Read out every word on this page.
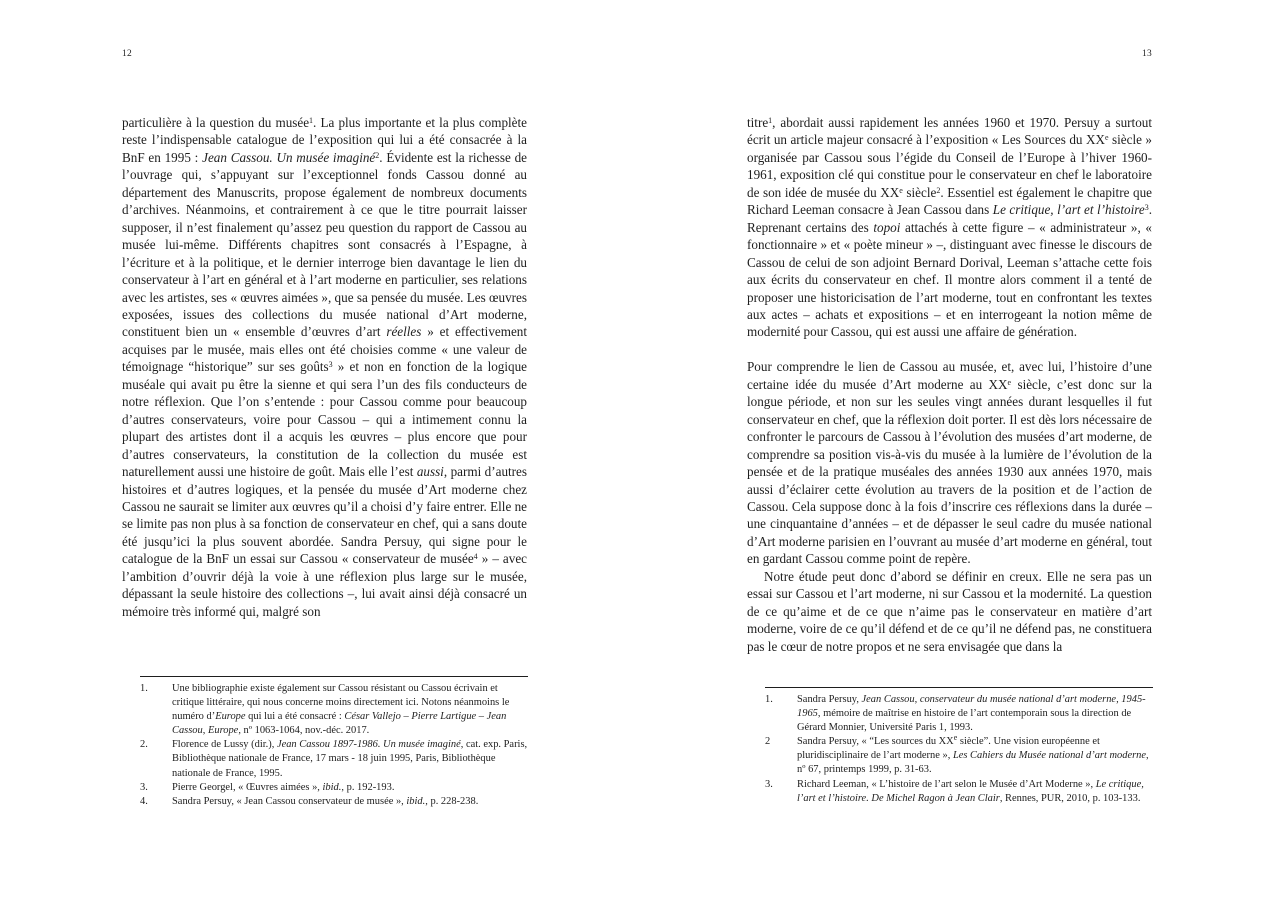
12

particulière à la question du musée$^1$. La plus importante et la plus complète reste l’indispensable catalogue de l’exposition qui lui a été consacrée à la BnF en 1995 : Jean Cassou. Un musée imaginé$^2$. Évidente est la richesse de l’ouvrage qui, s’appuyant sur l’exceptionnel fonds Cassou donné au département des Manuscrits, propose également de nombreux documents d’archives. Néanmoins, et contrairement à ce que le titre pourrait laisser supposer, il n’est finalement qu’assez peu question du rapport de Cassou au musée lui-même. Différents chapitres sont consacrés à l’Espagne, à l’écriture et à la politique, et le dernier interroge bien davantage le lien du conservateur à l’art en général et à l’art moderne en particulier, ses relations avec les artistes, ses « œuvres aimées », que sa pensée du musée. Les œuvres exposées, issues des collections du musée national d’Art moderne, constituent bien un « ensemble d’œuvres d’art réelles » et effectivement acquises par le musée, mais elles ont été choisies comme « une valeur de témoignage “historique” sur ses goûts$^3$ » et non en fonction de la logique muséale qui avait pu être la sienne et qui sera l’un des fils conducteurs de notre réflexion. Que l’on s’entende : pour Cassou comme pour beaucoup d’autres conservateurs, voire pour Cassou – qui a intimement connu la plupart des artistes dont il a acquis les œuvres – plus encore que pour d’autres conservateurs, la constitution de la collection du musée est naturellement aussi une histoire de goût. Mais elle l’est aussi, parmi d’autres histoires et d’autres logiques, et la pensée du musée d’Art moderne chez Cassou ne saurait se limiter aux œuvres qu’il a choisi d’y faire entrer. Elle ne se limite pas non plus à sa fonction de conservateur en chef, qui a sans doute été jusqu’ici la plus souvent abordée. Sandra Persuy, qui signe pour le catalogue de la BnF un essai sur Cassou « conservateur de musée$^4$ » – avec l’ambition d’ouvrir déjà la voie à une réflexion plus large sur le musée, dépassant la seule histoire des collections –, lui avait ainsi déjà consacré un mémoire très informé qui, malgré son

1.	Une bibliographie existe également sur Cassou résistant ou Cassou écrivain et critique littéraire, qui nous concerne moins directement ici. Notons néanmoins le numéro d’Europe qui lui a été consacré : César Vallejo – Pierre Lartigue – Jean Cassou, Europe, nº 1063-1064, nov.-déc. 2017.
2.	Florence de Lussy (dir.), Jean Cassou 1897-1986. Un musée imaginé, cat. exp. Paris, Bibliothèque nationale de France, 17 mars - 18 juin 1995, Paris, Bibliothèque nationale de France, 1995.
3.	Pierre Georgel, « Œuvres aimées », ibid., p. 192-193.
4.	Sandra Persuy, « Jean Cassou conservateur de musée », ibid., p. 228-238.
13

titre$^1$, abordait aussi rapidement les années 1960 et 1970. Persuy a surtout écrit un article majeur consacré à l’exposition « Les Sources du XXe siècle » organisée par Cassou sous l’égide du Conseil de l’Europe à l’hiver 1960-1961, exposition clé qui constitue pour le conservateur en chef le laboratoire de son idée de musée du XXe siècle$^2$. Essentiel est également le chapitre que Richard Leeman consacre à Jean Cassou dans Le critique, l’art et l’histoire$^3$. Reprenant certains des topoi attachés à cette figure – « administrateur », « fonctionnaire » et « poète mineur » –, distinguant avec finesse le discours de Cassou de celui de son adjoint Bernard Dorival, Leeman s’attache cette fois aux écrits du conservateur en chef. Il montre alors comment il a tenté de proposer une historicisation de l’art moderne, tout en confrontant les textes aux actes – achats et expositions – et en interrogeant la notion même de modernité pour Cassou, qui est aussi une affaire de génération.

Pour comprendre le lien de Cassou au musée, et, avec lui, l’histoire d’une certaine idée du musée d’Art moderne au XXe siècle, c’est donc sur la longue période, et non sur les seules vingt années durant lesquelles il fut conservateur en chef, que la réflexion doit porter. Il est dès lors nécessaire de confronter le parcours de Cassou à l’évolution des musées d’art moderne, de comprendre sa position vis-à-vis du musée à la lumière de l’évolution de la pensée et de la pratique muséales des années 1930 aux années 1970, mais aussi d’éclairer cette évolution au travers de la position et de l’action de Cassou. Cela suppose donc à la fois d’inscrire ces réflexions dans la durée – une cinquantaine d’années – et de dépasser le seul cadre du musée national d’Art moderne parisien en l’ouvrant au musée d’art moderne en général, tout en gardant Cassou comme point de repère.

Notre étude peut donc d’abord se définir en creux. Elle ne sera pas un essai sur Cassou et l’art moderne, ni sur Cassou et la modernité. La question de ce qu’aime et de ce que n’aime pas le conservateur en matière d’art moderne, voire de ce qu’il défend et de ce qu’il ne défend pas, ne constituera pas le cœur de notre propos et ne sera envisagée que dans la

1.	Sandra Persuy, Jean Cassou, conservateur du musée national d’art moderne, 1945-1965, mémoire de maîtrise en histoire de l’art contemporain sous la direction de Gérard Monnier, Université Paris 1, 1993.
2	Sandra Persuy, « “Les sources du XXe siècle”. Une vision européenne et pluridisciplinaire de l’art moderne », Les Cahiers du Musée national d’art moderne, nº 67, printemps 1999, p. 31-63.
3.	Richard Leeman, « L’histoire de l’art selon le Musée d’Art Moderne », Le critique, l’art et l’histoire. De Michel Ragon à Jean Clair, Rennes, PUR, 2010, p. 103-133.
